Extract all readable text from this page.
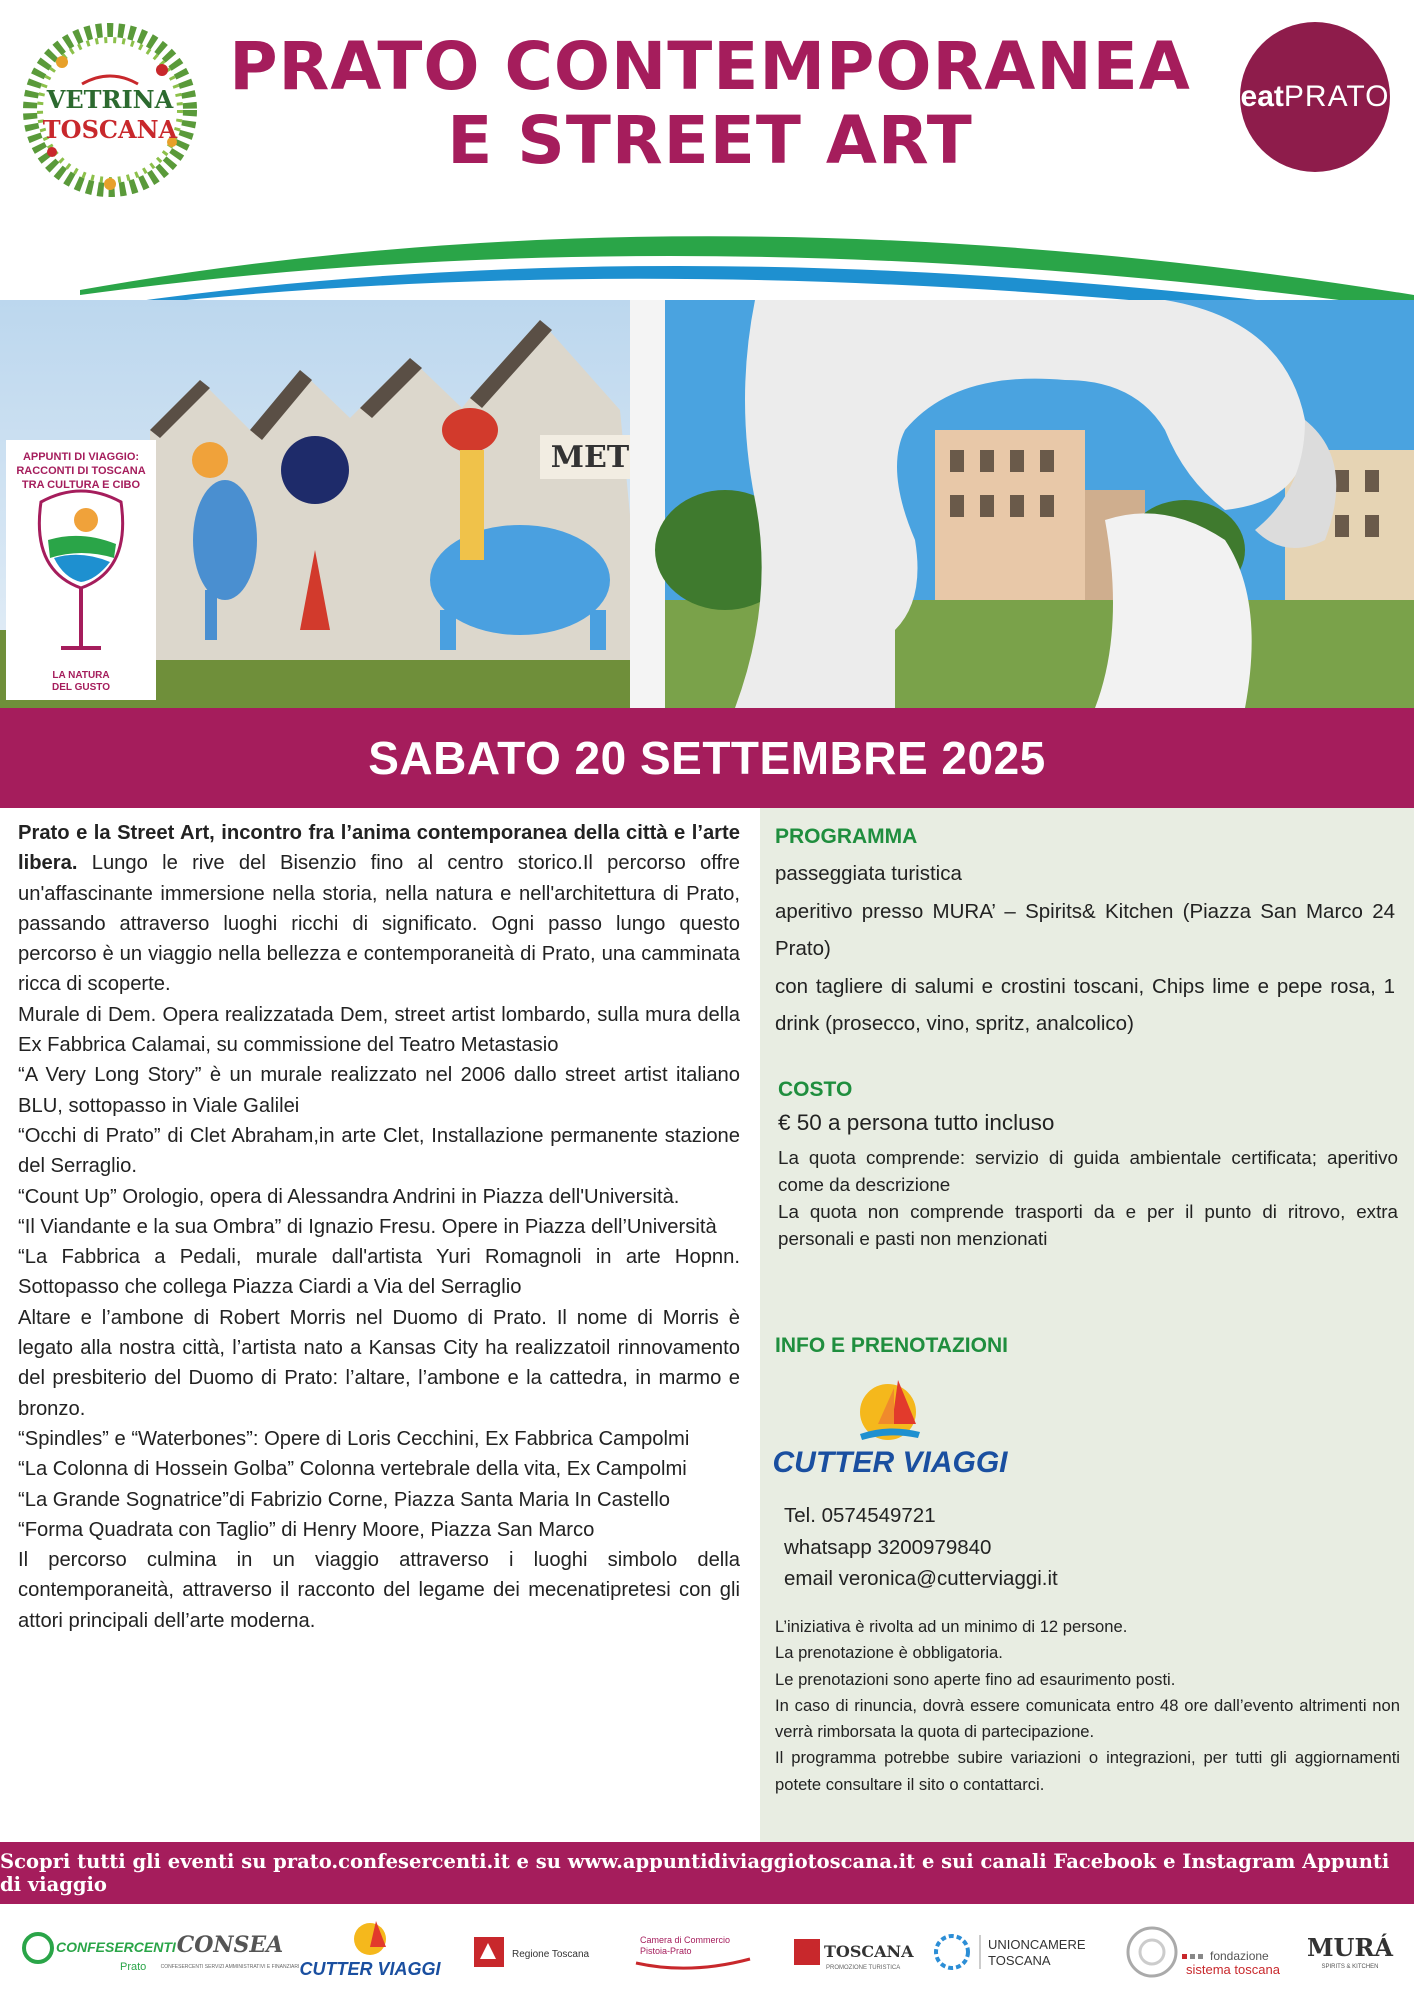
VETRINA
TOSCANA
PRATO CONTEMPORANEA
E STREET ART
eat PRATO
MET
APPUNTI DI VIAGGIO:
RACCONTI DI TOSCANA
TRA CULTURA E CIBO
LA NATURA
DEL GUSTO
SABATO 20 SETTEMBRE 2025

Prato e la Street Art, incontro fra l’anima contemporanea della città e l’arte libera. Lungo le rive del Bisenzio fino al centro storico.Il percorso offre un'affascinante immersione nella storia, nella natura e nell'architettura di Prato, passando attraverso luoghi ricchi di significato. Ogni passo lungo questo percorso è un viaggio nella bellezza e contemporaneità di Prato, una camminata ricca di scoperte.

Murale di Dem. Opera realizzatada Dem, street artist lombardo, sulla mura della Ex Fabbrica Calamai, su commissione del Teatro Metastasio

“A Very Long Story” è un murale realizzato nel 2006 dallo street artist italiano BLU, sottopasso in Viale Galilei

“Occhi di Prato” di Clet Abraham,in arte Clet, Installazione permanente stazione del Serraglio.

“Count Up” Orologio, opera di Alessandra Andrini in Piazza dell'Università.

“Il Viandante e la sua Ombra” di Ignazio Fresu. Opere in Piazza dell’Università

“La Fabbrica a Pedali, murale dall'artista Yuri Romagnoli in arte Hopnn. Sottopasso che collega Piazza Ciardi a Via del Serraglio

Altare e l’ambone di Robert Morris nel Duomo di Prato. Il nome di Morris è legato alla nostra città, l’artista nato a Kansas City ha realizzatoil rinnovamento del presbiterio del Duomo di Prato: l’altare, l’ambone e la cattedra, in marmo e bronzo.

“Spindles” e “Waterbones”: Opere di Loris Cecchini, Ex Fabbrica Campolmi

“La Colonna di Hossein Golba” Colonna vertebrale della vita, Ex Campolmi

“La Grande Sognatrice”di Fabrizio Corne, Piazza Santa Maria In Castello

“Forma Quadrata con Taglio” di Henry Moore, Piazza San Marco

Il percorso culmina in un viaggio attraverso i luoghi simbolo della contemporaneità, attraverso il racconto del legame dei mecenatipretesi con gli attori principali dell’arte moderna.

PROGRAMMA
passeggiata turistica
aperitivo presso MURA’ – Spirits& Kitchen (Piazza San Marco 24 Prato)
con tagliere di salumi e crostini toscani, Chips lime e pepe rosa, 1 drink (prosecco, vino, spritz, analcolico)
COSTO
€ 50 a persona tutto incluso
La quota comprende: servizio di guida ambientale certificata; aperitivo come da descrizione
La quota non comprende trasporti da e per il punto di ritrovo, extra personali e pasti non menzionati
INFO E PRENOTAZIONI
CUTTER VIAGGI
Tel. 0574549721
whatsapp 3200979840
email veronica@cutterviaggi.it
L’iniziativa è rivolta ad un minimo di 12 persone.
La prenotazione è obbligatoria.
Le prenotazioni sono aperte fino ad esaurimento posti.
In caso di rinuncia, dovrà essere comunicata entro 48 ore dall’evento altrimenti non verrà rimborsata la quota di partecipazione.
Il programma potrebbe subire variazioni o integrazioni, per tutti gli aggiornamenti potete consultare il sito o contattarci.
Scopri tutti gli eventi su prato.confesercenti.it e su www.appuntidiviaggiotoscana.it e sui canali Facebook e Instagram Appunti di viaggio
CONFESERCENTI
Prato
CONSEA
CONFESERCENTI SERVIZI AMMINISTRATIVI E FINANZIARI CUTTER VIAGGI
Regione Toscana
Camera di Commercio
Pistoia-Prato	TOSCANA
PROMOZIONE TURISTICA
UNIONCAMERE
TOSCANA	fondazione
sistema toscana
MURÁ
SPIRITS & KITCHEN
